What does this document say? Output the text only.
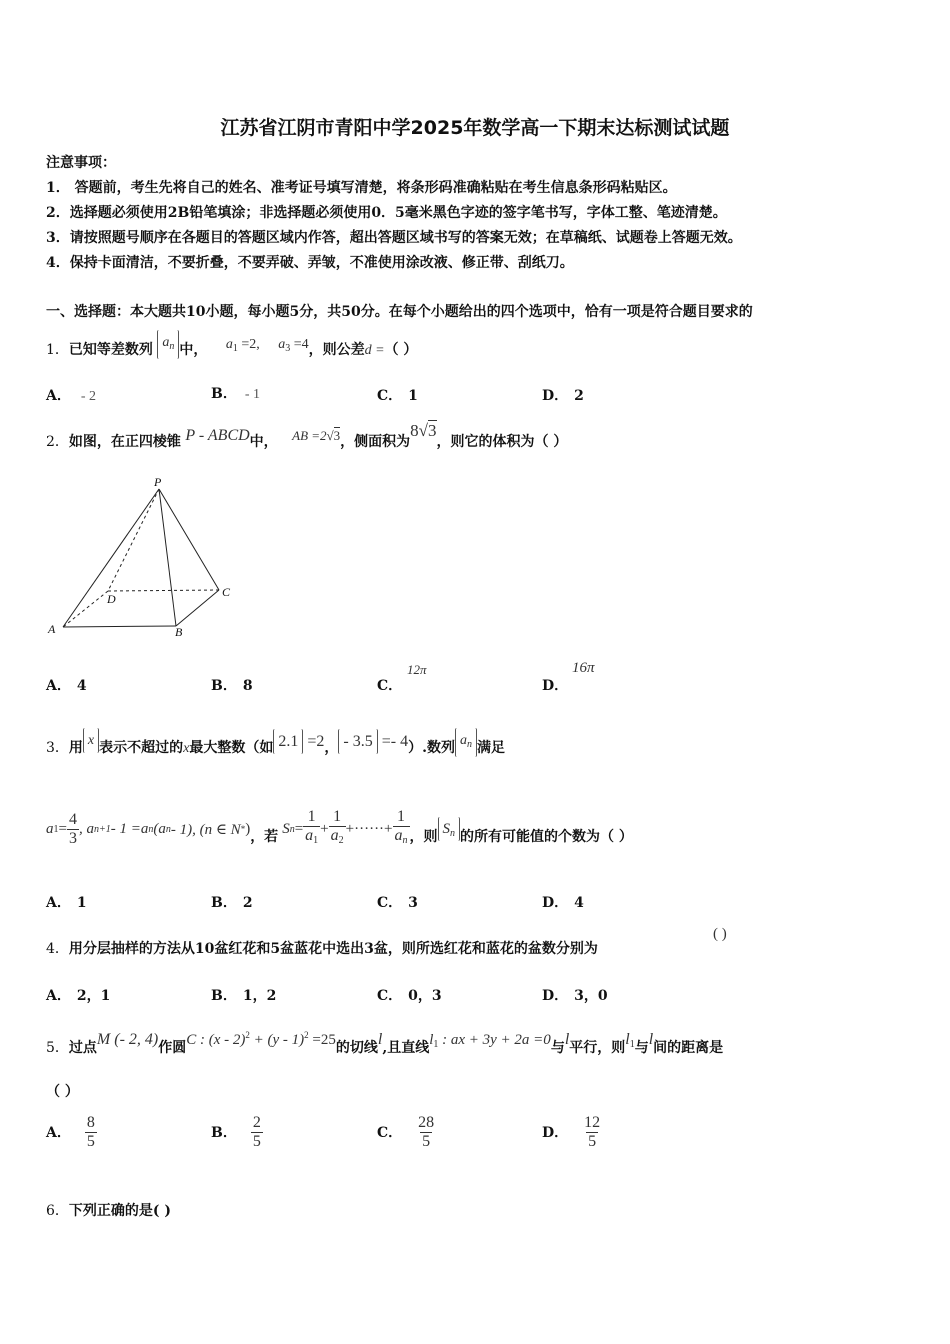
江苏省江阴市青阳中学2025年数学高一下期末达标测试试题
注意事项：
1． 答题前，考生先将自己的姓名、准考证号填写清楚，将条形码准确粘贴在考生信息条形码粘贴区。
2．选择题必须使用2B铅笔填涂；非选择题必须使用0．5毫米黑色字迹的签字笔书写，字体工整、笔迹清楚。
3．请按照题号顺序在各题目的答题区域内作答，超出答题区域书写的答案无效；在草稿纸、试题卷上答题无效。
4．保持卡面清洁，不要折叠，不要弄破、弄皱，不准使用涂改液、修正带、刮纸刀。
一、选择题：本大题共10小题，每小题5分，共50分。在每个小题给出的四个选项中，恰有一项是符合题目要求的
1．已知等差数列 $a_n$ 中， $a_1 =2$, $a_3 =4$，则公差d =（ ）
A． - 2	B． - 1	C． 1	D． 2
2．如图，在正四棱锥 P - ABCD中， AB =2√3，侧面积为8√3，则它的体积为（ ）
P
A	B
C
D
A． 4	B． 8	C．
12π
D．
16π
3．用 x 表示不超过的x最大整数（如 2.1 =2， - 3.5 =- 4）.数列 $a_n$ 满足
a $1 = \frac{4}{3}$ , a n+1 - 1 =a n (a n - 1), (n ∈ N * )
，若
S $n = \frac{1}{a_1} + \frac{1}{a_2}$ +······+ $\frac{1}{a_n}$ ，则 $S_n$ 的所有可能值的个数为（ ）
A． 1	B． 2	C． 3	D． 4
4．用分层抽样的方法从10盆红花和5盆蓝花中选出3盆，则所选红花和蓝花的盆数分别为
( )
A． 2，1	B． 1，2	C． 0，3	D． 3，0
5．过点M (- 2, 4)作圆C : (x - 2)$^2$ + (y - 1)$^2$ =25的切线l,且直线$l_1$ : ax + 3y + 2a =0与l平行，则$l_1$与l间的距离是
（ ）
A． $\frac{8}{5}$	B． $\frac{2}{5}$	C． $\frac{28}{5}$	D． $\frac{12}{5}$
6．下列正确的是( )
